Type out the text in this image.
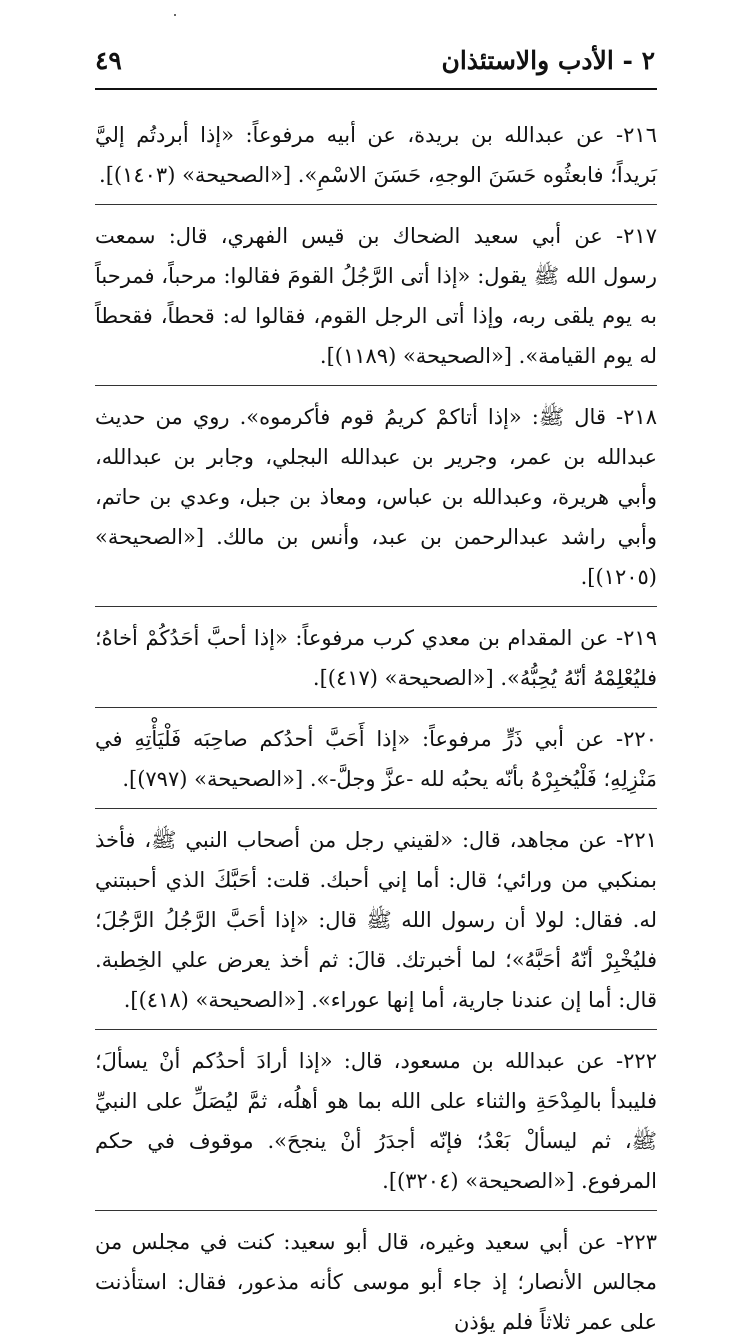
٢ - الأدب والاستئذان
٤٩

٢١٦- عن عبدالله بن بريدة، عن أبيه مرفوعاً: «إذا أبردتُم إليَّ بَريداً؛ فابعثُوه حَسَنَ الوجهِ، حَسَنَ الاسْمِ». [«الصحيحة» (١٤٠٣)].

٢١٧- عن أبي سعيد الضحاك بن قيس الفهري، قال: سمعت رسول الله ﷺ يقول: «إذا أتى الرَّجُلُ القومَ فقالوا: مرحباً، فمرحباً به يوم يلقى ربه، وإذا أتى الرجل القوم، فقالوا له: قحطاً، فقحطاً له يوم القيامة». [«الصحيحة» (١١٨٩)].

٢١٨- قال ﷺ: «إذا أتاكمْ كريمُ قوم فأكرموه». روي من حديث عبدالله بن عمر، وجرير بن عبدالله البجلي، وجابر بن عبدالله، وأبي هريرة، وعبدالله بن عباس، ومعاذ بن جبل، وعدي بن حاتم، وأبي راشد عبدالرحمن بن عبد، وأنس بن مالك. [«الصحيحة» (١٢٠٥)].

٢١٩- عن المقدام بن معدي كرب مرفوعاً: «إذا أحبَّ أحَدُكُمْ أخاهُ؛ فليُعْلِمْهُ أنّهُ يُحِبُّهُ». [«الصحيحة» (٤١٧)].

٢٢٠- عن أبي ذَرٍّ مرفوعاً: «إذا أَحَبَّ أحدُكم صاحِبَه فَلْيَأْتِهِ في مَنْزِلِهِ؛ فَلْيُخبِرْهُ بأنّه يحبُه لله -عزَّ وجلَّ-». [«الصحيحة» (٧٩٧)].

٢٢١- عن مجاهد، قال: «لقيني رجل من أصحاب النبي ﷺ، فأخذ بمنكبي من ورائي؛ قال: أما إني أحبك. قلت: أحَبَّكَ الذي أحببتني له. فقال: لولا أن رسول الله ﷺ قال: «إذا أحَبَّ الرَّجُلُ الرَّجُلَ؛ فليُخْبِرْ أنّهُ أحَبَّهُ»؛ لما أخبرتك. قالَ: ثم أخذ يعرض علي الخِطبة. قال: أما إن عندنا جارية، أما إنها عوراء». [«الصحيحة» (٤١٨)].

٢٢٢- عن عبدالله بن مسعود، قال: «إذا أرادَ أحدُكم أنْ يسألَ؛ فليبدأ بالمِدْحَةِ والثناء على الله بما هو أهلُه، ثمَّ ليُصَلِّ على النبيِّ ﷺ، ثم ليسألْ بَعْدُ؛ فإنّه أجدَرُ أنْ ينجحَ». موقوف في حكم المرفوع. [«الصحيحة» (٣٢٠٤)].

٢٢٣- عن أبي سعيد وغيره، قال أبو سعيد: كنت في مجلس من مجالس الأنصار؛ إذ جاء أبو موسى كأنه مذعور، فقال: استأذنت على عمر ثلاثاً فلم يؤذن
